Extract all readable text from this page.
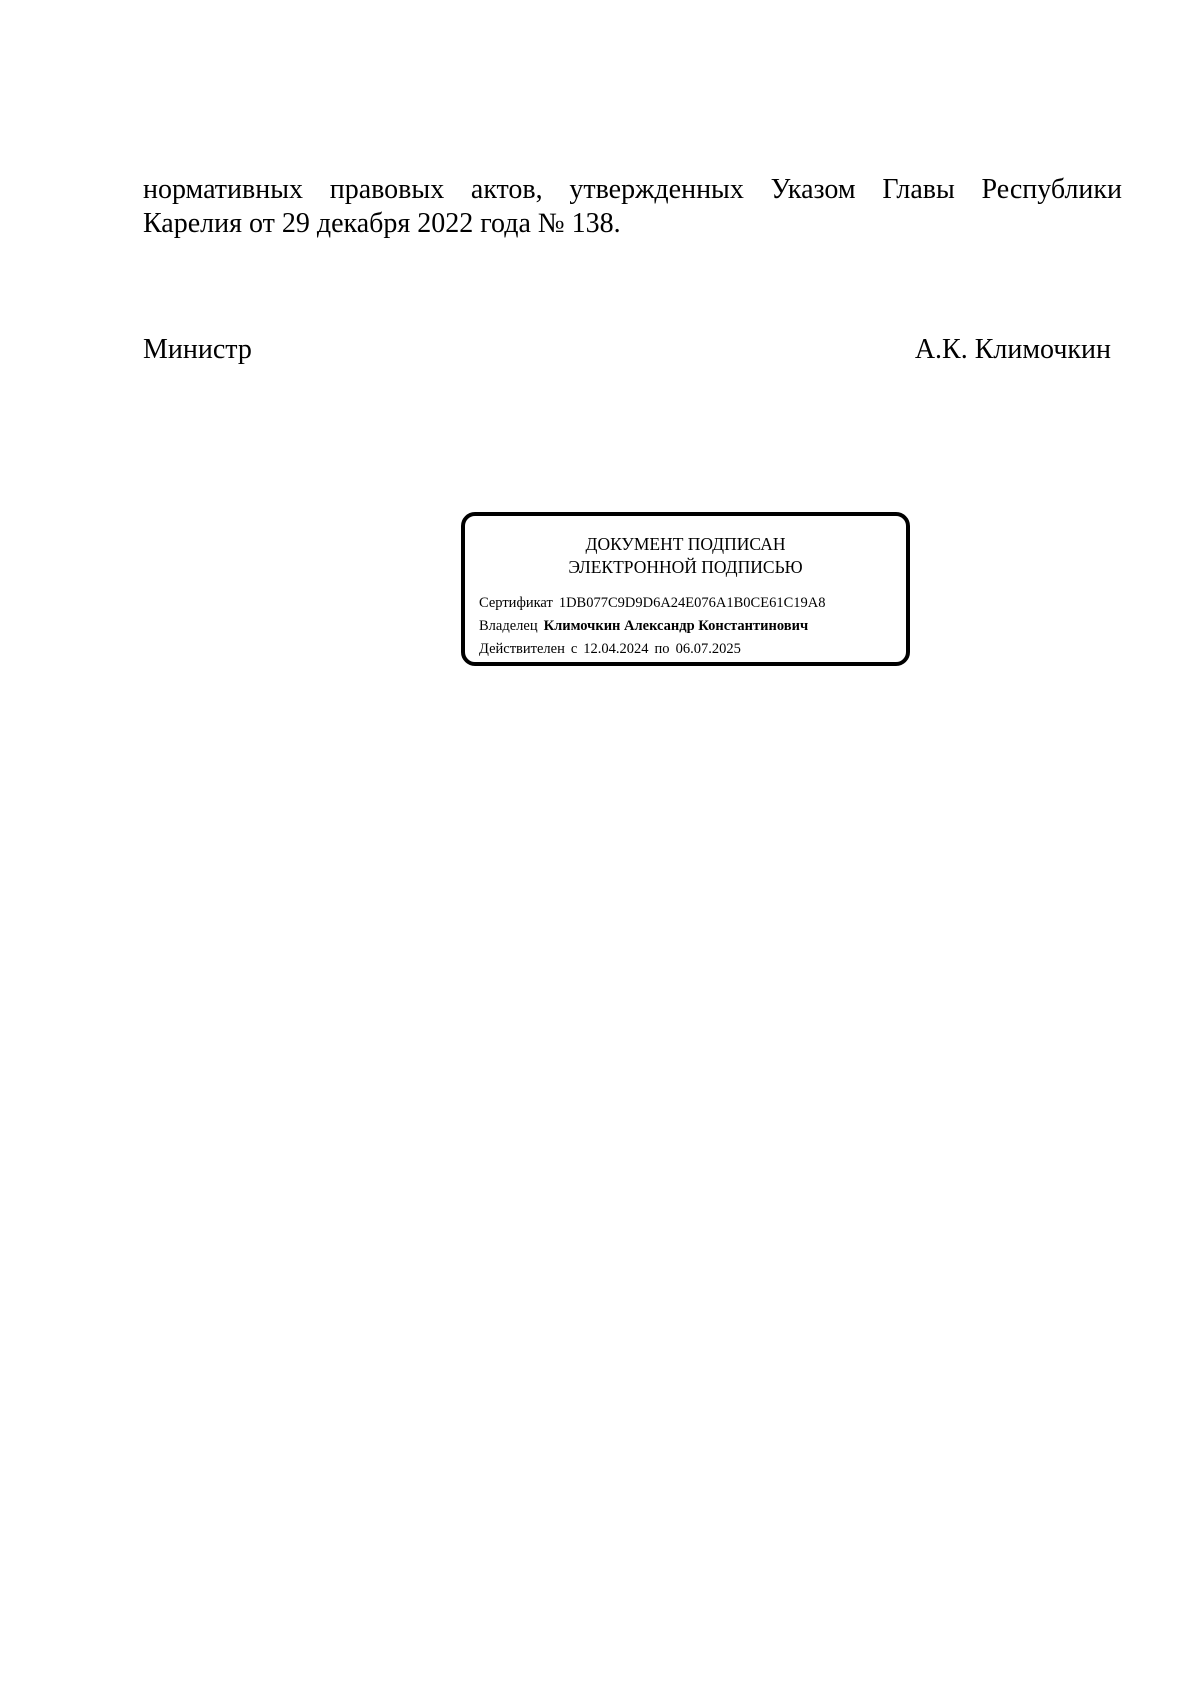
нормативных правовых актов, утвержденных Указом Главы Республики
Карелия от 29 декабря 2022 года № 138.
Министр	А.К. Климочкин
ДОКУМЕНТ ПОДПИСАН
ЭЛЕКТРОННОЙ ПОДПИСЬЮ
Сертификат 1DB077C9D9D6A24E076A1B0CE61C19A8
Владелец Климочкин Александр Константинович
Действителен с 12.04.2024 по 06.07.2025
